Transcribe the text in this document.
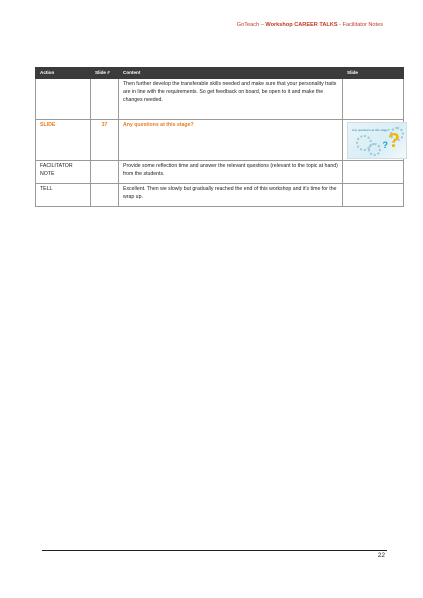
GoTeach – Workshop CAREER TALKS - Facilitator Notes
Action	Slide #	Content	Slide
		Then further develop the transferable skills needed and make sure that your personality traits are in line with the requirements. So get feedback on board, be open to it and make the changes needed.	
SLIDE	37	Any questions at this stage?	Any questions at this stage?
?
?

FACILITATOR NOTE		Provide some reflection time and answer the relevant questions (relevant to the topic at hand) from the students.	
TELL		Excellent. Then we slowly but gradually reached the end of this workshop and it’s time for the wrap up.	
22
